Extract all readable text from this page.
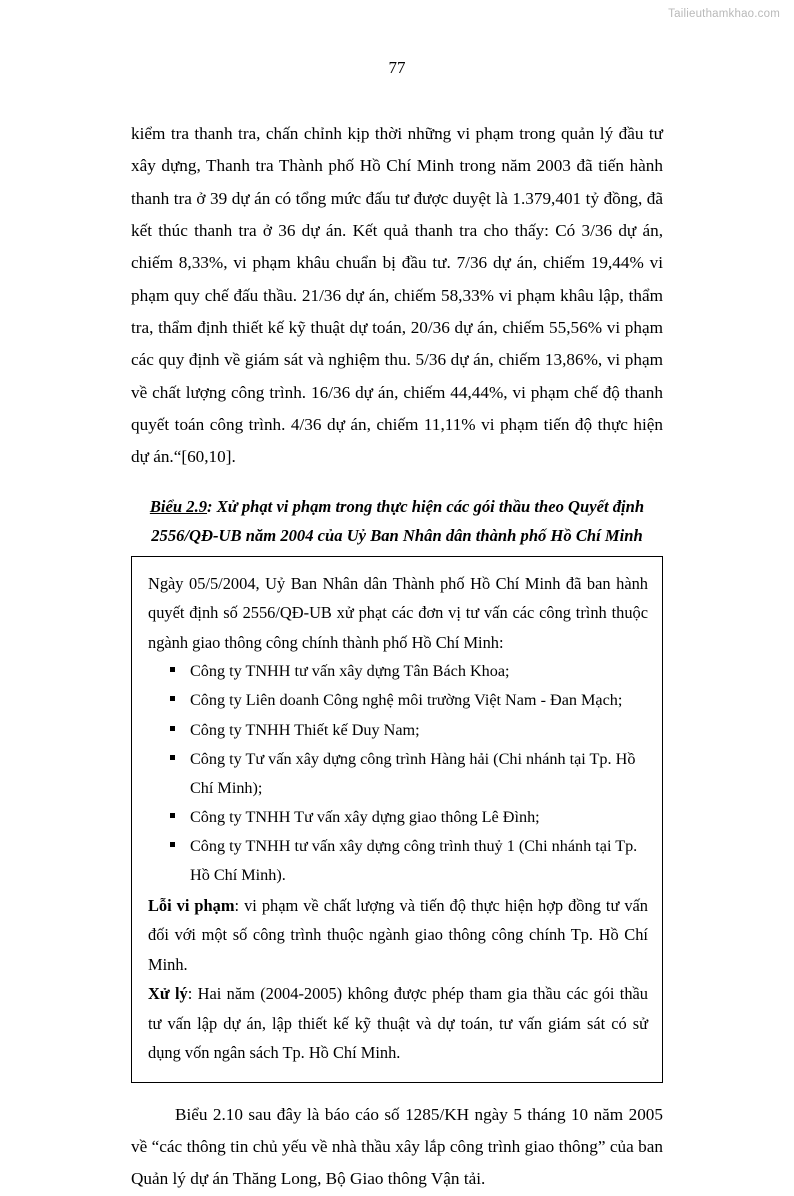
Tailieuthamkhao.com
77

kiểm tra thanh tra, chấn chỉnh kịp thời những vi phạm trong quản lý đầu tư xây dựng, Thanh tra Thành phố Hồ Chí Minh trong năm 2003 đã tiến hành thanh tra ở 39 dự án có tổng mức đấu tư được duyệt là 1.379,401 tỷ đồng, đã kết thúc thanh tra ở 36 dự án. Kết quả thanh tra cho thấy: Có 3/36 dự án, chiếm 8,33%, vi phạm khâu chuẩn bị đầu tư. 7/36 dự án, chiếm 19,44% vi phạm quy chế đấu thầu. 21/36 dự án, chiếm 58,33% vi phạm khâu lập, thẩm tra, thẩm định thiết kế kỹ thuật dự toán, 20/36 dự án, chiếm 55,56% vi phạm các quy định về giám sát và nghiệm thu. 5/36 dự án, chiếm 13,86%, vi phạm về chất lượng công trình. 16/36 dự án, chiếm 44,44%, vi phạm chế độ thanh quyết toán công trình. 4/36 dự án, chiếm 11,11% vi phạm tiến độ thực hiện dự án.“[60,10].

Biểu 2.9: Xử phạt vi phạm trong thực hiện các gói thầu theo Quyết định 2556/QĐ-UB năm 2004 của Uỷ Ban Nhân dân thành phố Hồ Chí Minh

Ngày 05/5/2004, Uỷ Ban Nhân dân Thành phố Hồ Chí Minh đã ban hành quyết định số 2556/QĐ-UB xử phạt các đơn vị tư vấn các công trình thuộc ngành giao thông công chính thành phố Hồ Chí Minh:

Công ty TNHH tư vấn xây dựng Tân Bách Khoa;
Công ty Liên doanh Công nghệ môi trường Việt Nam - Đan Mạch;
Công ty TNHH Thiết kế Duy Nam;
Công ty Tư vấn xây dựng công trình Hàng hải (Chi nhánh tại Tp. Hồ Chí Minh);
Công ty TNHH Tư vấn xây dựng giao thông Lê Đình;
Công ty TNHH tư vấn xây dựng công trình thuỷ 1 (Chi nhánh tại Tp. Hồ Chí Minh).

Lỗi vi phạm: vi phạm về chất lượng và tiến độ thực hiện hợp đồng tư vấn đối với một số công trình thuộc ngành giao thông công chính Tp. Hồ Chí Minh.

Xử lý: Hai năm (2004-2005) không được phép tham gia thầu các gói thầu tư vấn lập dự án, lập thiết kế kỹ thuật và dự toán, tư vấn giám sát có sử dụng vốn ngân sách Tp. Hồ Chí Minh.

Biểu 2.10 sau đây là báo cáo số 1285/KH ngày 5 tháng 10 năm 2005 về “các thông tin chủ yếu về nhà thầu xây lắp công trình giao thông” của ban Quản lý dự án Thăng Long, Bộ Giao thông Vận tải.
